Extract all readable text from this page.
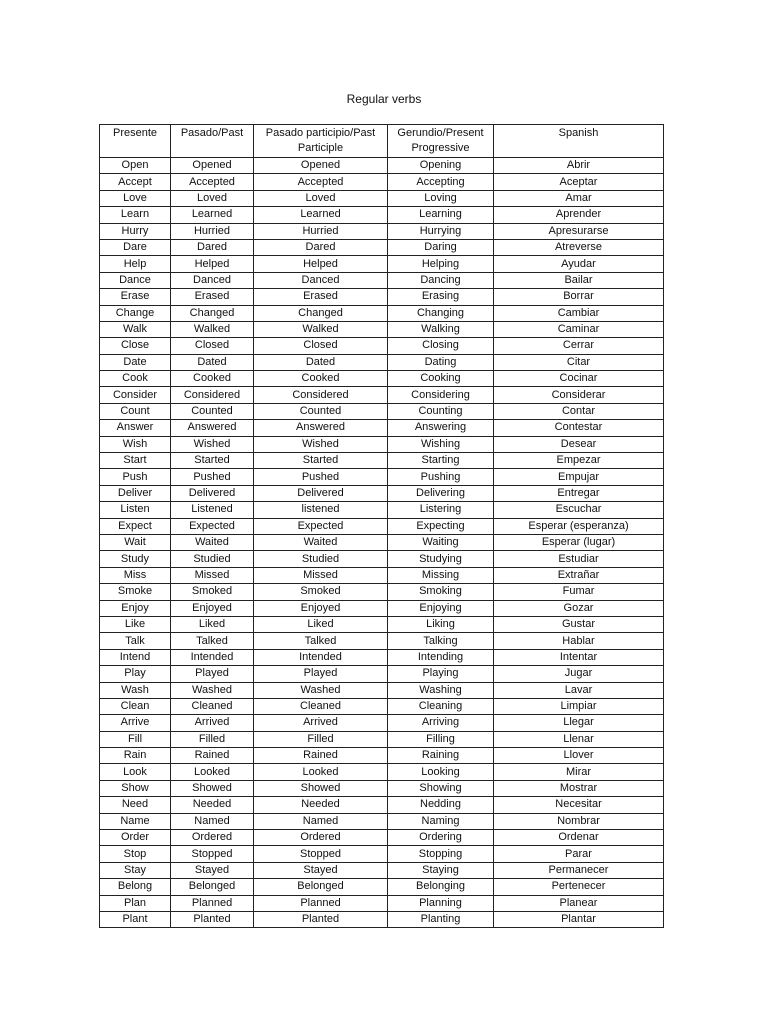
Regular verbs
Presente	Pasado/Past	Pasado participio/Past Participle	Gerundio/Present Progressive	Spanish
Open	Opened	Opened	Opening	Abrir
Accept	Accepted	Accepted	Accepting	Aceptar
Love	Loved	Loved	Loving	Amar
Learn	Learned	Learned	Learning	Aprender
Hurry	Hurried	Hurried	Hurrying	Apresurarse
Dare	Dared	Dared	Daring	Atreverse
Help	Helped	Helped	Helping	Ayudar
Dance	Danced	Danced	Dancing	Bailar
Erase	Erased	Erased	Erasing	Borrar
Change	Changed	Changed	Changing	Cambiar
Walk	Walked	Walked	Walking	Caminar
Close	Closed	Closed	Closing	Cerrar
Date	Dated	Dated	Dating	Citar
Cook	Cooked	Cooked	Cooking	Cocinar
Consider	Considered	Considered	Considering	Considerar
Count	Counted	Counted	Counting	Contar
Answer	Answered	Answered	Answering	Contestar
Wish	Wished	Wished	Wishing	Desear
Start	Started	Started	Starting	Empezar
Push	Pushed	Pushed	Pushing	Empujar
Deliver	Delivered	Delivered	Delivering	Entregar
Listen	Listened	listened	Listering	Escuchar
Expect	Expected	Expected	Expecting	Esperar (esperanza)
Wait	Waited	Waited	Waiting	Esperar (lugar)
Study	Studied	Studied	Studying	Estudiar
Miss	Missed	Missed	Missing	Extrañar
Smoke	Smoked	Smoked	Smoking	Fumar
Enjoy	Enjoyed	Enjoyed	Enjoying	Gozar
Like	Liked	Liked	Liking	Gustar
Talk	Talked	Talked	Talking	Hablar
Intend	Intended	Intended	Intending	Intentar
Play	Played	Played	Playing	Jugar
Wash	Washed	Washed	Washing	Lavar
Clean	Cleaned	Cleaned	Cleaning	Limpiar
Arrive	Arrived	Arrived	Arriving	Llegar
Fill	Filled	Filled	Filling	Llenar
Rain	Rained	Rained	Raining	Llover
Look	Looked	Looked	Looking	Mirar
Show	Showed	Showed	Showing	Mostrar
Need	Needed	Needed	Nedding	Necesitar
Name	Named	Named	Naming	Nombrar
Order	Ordered	Ordered	Ordering	Ordenar
Stop	Stopped	Stopped	Stopping	Parar
Stay	Stayed	Stayed	Staying	Permanecer
Belong	Belonged	Belonged	Belonging	Pertenecer
Plan	Planned	Planned	Planning	Planear
Plant	Planted	Planted	Planting	Plantar
